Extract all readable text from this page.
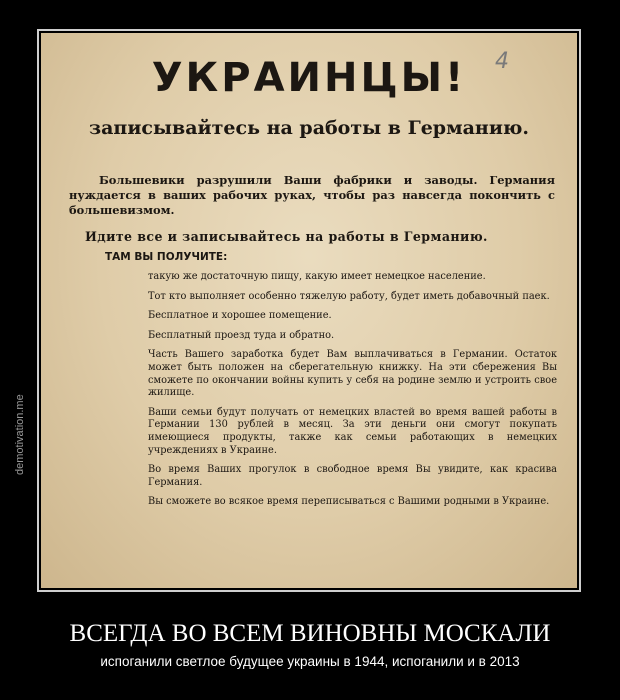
УКРАИНЦЫ!	4
записывайтесь на работы в Германию.
Большевики разрушили Ваши фабрики и заводы. Германия нуждается в ваших рабочих руках, чтобы раз навсегда покончить с большевизмом.
Идите все и записывайтесь на работы в Германию.
ТАМ ВЫ ПОЛУЧИТЕ:
такую же достаточную пищу, какую имеет немецкое население.
Тот кто выполняет особенно тяжелую работу, будет иметь добавочный паек.
Бесплатное и хорошее помещение.
Бесплатный проезд туда и обратно.
Часть Вашего заработка будет Вам выплачиваться в Германии. Остаток может быть положен на сберегательную книжку. На эти сбережения Вы сможете по окончании войны купить у себя на родине землю и устроить свое жилище.
Ваши семьи будут получать от немецких властей во время вашей работы в Германии 130 рублей в месяц. За эти деньги они смогут покупать имеющиеся продукты, также как семьи работающих в немецких учреждениях в Украине.
Во время Ваших прогулок в свободное время Вы увидите, как красива Германия.
Вы сможете во всякое время переписываться с Вашими родными в Украине.
demotivation.me
ВСЕГДА ВО ВСЕМ ВИНОВНЫ МОСКАЛИ
испоганили светлое будущее украины в 1944, испоганили и в 2013
